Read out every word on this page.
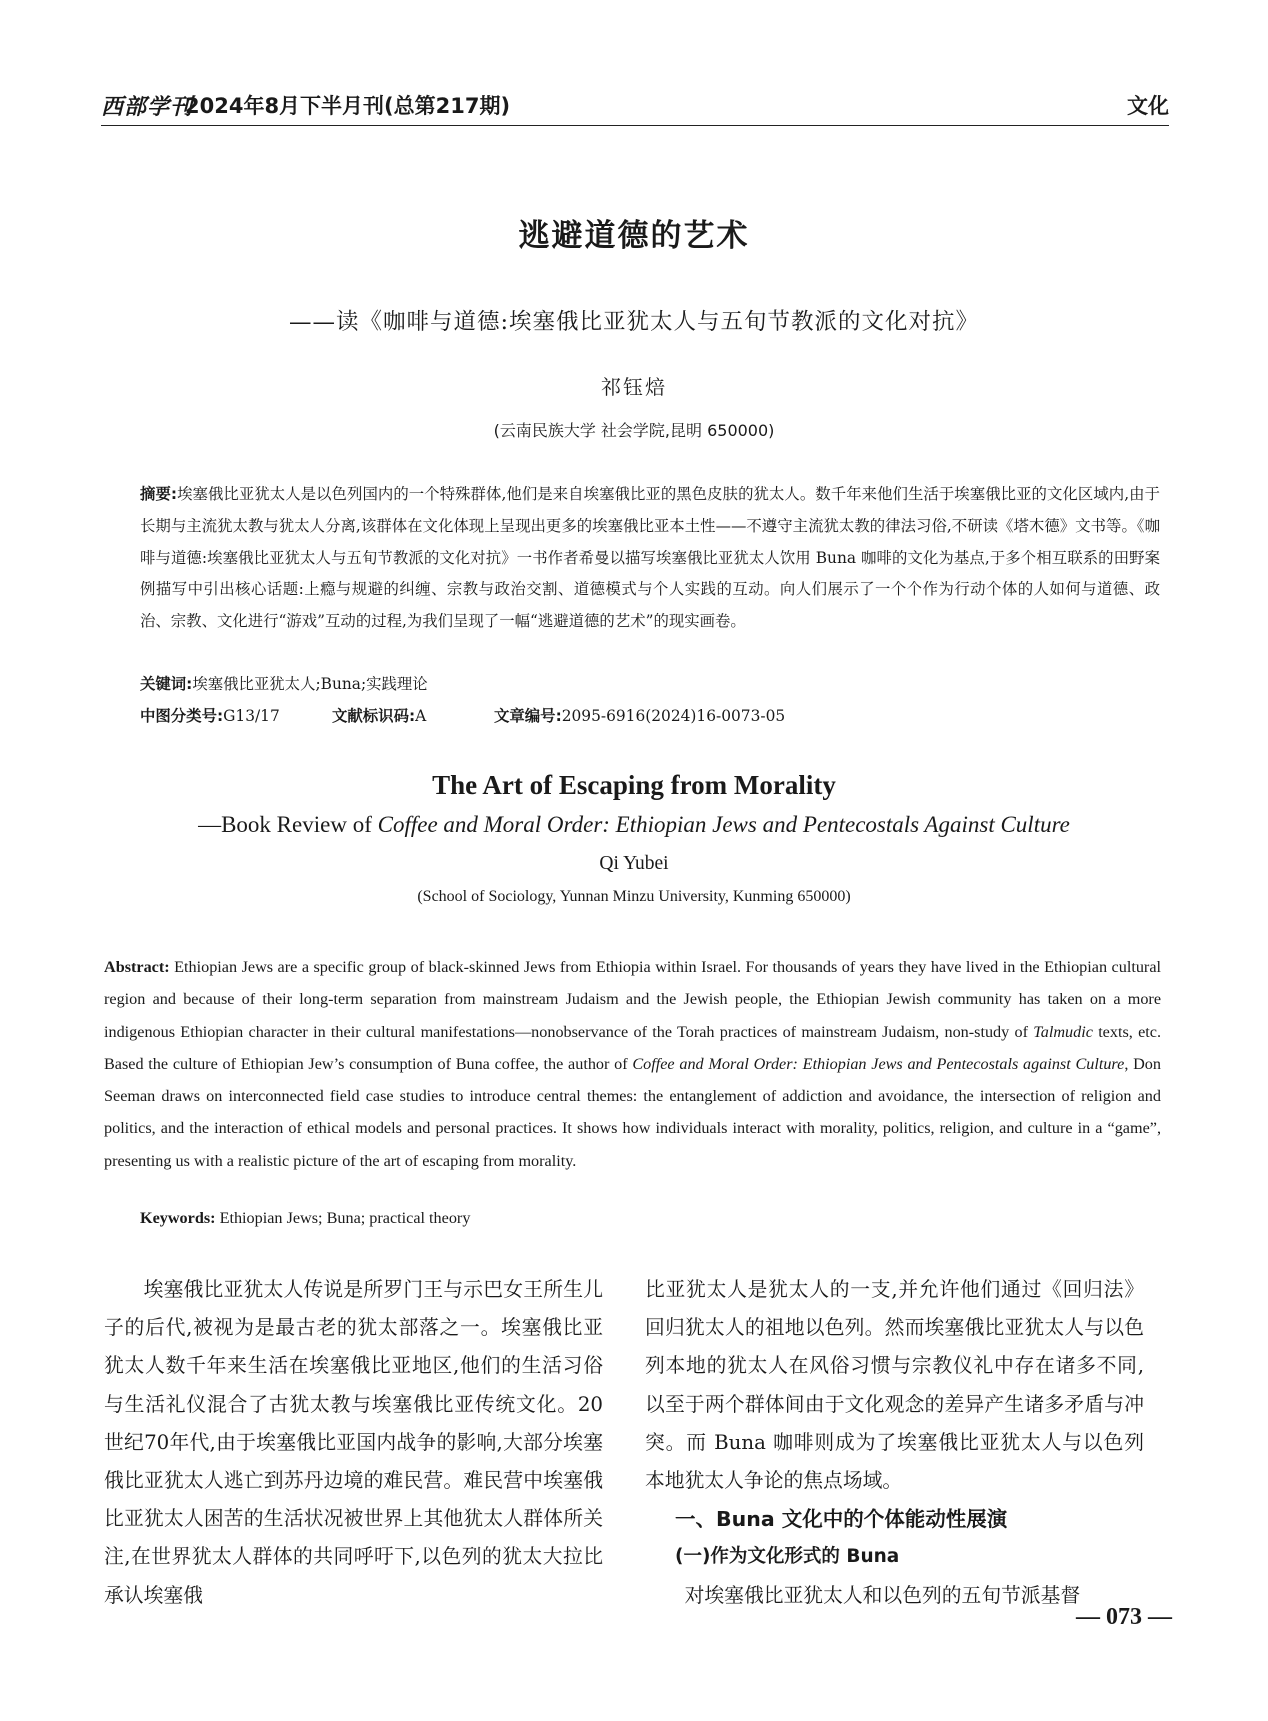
西部学刊
2024年8月下半月刊(总第217期)	文化
逃避道德的艺术
——读《咖啡与道德:埃塞俄比亚犹太人与五旬节教派的文化对抗》
祁钰焙
(云南民族大学 社会学院,昆明 650000)

摘要:埃塞俄比亚犹太人是以色列国内的一个特殊群体,他们是来自埃塞俄比亚的黑色皮肤的犹太人。数千年来他们生活于埃塞俄比亚的文化区域内,由于长期与主流犹太教与犹太人分离,该群体在文化体现上呈现出更多的埃塞俄比亚本土性——不遵守主流犹太教的律法习俗,不研读《塔木德》文书等。《咖啡与道德:埃塞俄比亚犹太人与五旬节教派的文化对抗》一书作者希曼以描写埃塞俄比亚犹太人饮用 Buna 咖啡的文化为基点,于多个相互联系的田野案例描写中引出核心话题:上瘾与规避的纠缠、宗教与政治交割、道德模式与个人实践的互动。向人们展示了一个个作为行动个体的人如何与道德、政治、宗教、文化进行“游戏”互动的过程,为我们呈现了一幅“逃避道德的艺术”的现实画卷。

关键词:埃塞俄比亚犹太人;Buna;实践理论
中图分类号:G13/17	文献标识码:A	文章编号:2095-6916(2024)16-0073-05
The Art of Escaping from Morality
—Book Review of Coffee and Moral Order: Ethiopian Jews and Pentecostals Against Culture
Qi Yubei
(School of Sociology, Yunnan Minzu University, Kunming 650000)

Abstract: Ethiopian Jews are a specific group of black-skinned Jews from Ethiopia within Israel. For thousands of years they have lived in the Ethiopian cultural region and because of their long-term separation from mainstream Judaism and the Jewish people, the Ethiopian Jewish community has taken on a more indigenous Ethiopian character in their cultural manifestations—nonobservance of the Torah practices of mainstream Judaism, non-study of Talmudic texts, etc. Based the culture of Ethiopian Jew’s consumption of Buna coffee, the author of Coffee and Moral Order: Ethiopian Jews and Pentecostals against Culture, Don Seeman draws on interconnected field case studies to introduce central themes: the entanglement of addiction and avoidance, the intersection of religion and politics, and the interaction of ethical models and personal practices. It shows how individuals interact with morality, politics, religion, and culture in a “game”, presenting us with a realistic picture of the art of escaping from morality.

Keywords: Ethiopian Jews; Buna; practical theory

埃塞俄比亚犹太人传说是所罗门王与示巴女王所生儿子的后代,被视为是最古老的犹太部落之一。埃塞俄比亚犹太人数千年来生活在埃塞俄比亚地区,他们的生活习俗与生活礼仪混合了古犹太教与埃塞俄比亚传统文化。20世纪70年代,由于埃塞俄比亚国内战争的影响,大部分埃塞俄比亚犹太人逃亡到苏丹边境的难民营。难民营中埃塞俄比亚犹太人困苦的生活状况被世界上其他犹太人群体所关注,在世界犹太人群体的共同呼吁下,以色列的犹太大拉比承认埃塞俄

比亚犹太人是犹太人的一支,并允许他们通过《回归法》回归犹太人的祖地以色列。然而埃塞俄比亚犹太人与以色列本地的犹太人在风俗习惯与宗教仪礼中存在诸多不同,以至于两个群体间由于文化观念的差异产生诸多矛盾与冲突。而 Buna 咖啡则成为了埃塞俄比亚犹太人与以色列本地犹太人争论的焦点场域。

一、Buna 文化中的个体能动性展演

(一)作为文化形式的 Buna

对埃塞俄比亚犹太人和以色列的五旬节派基督

— 073 —
